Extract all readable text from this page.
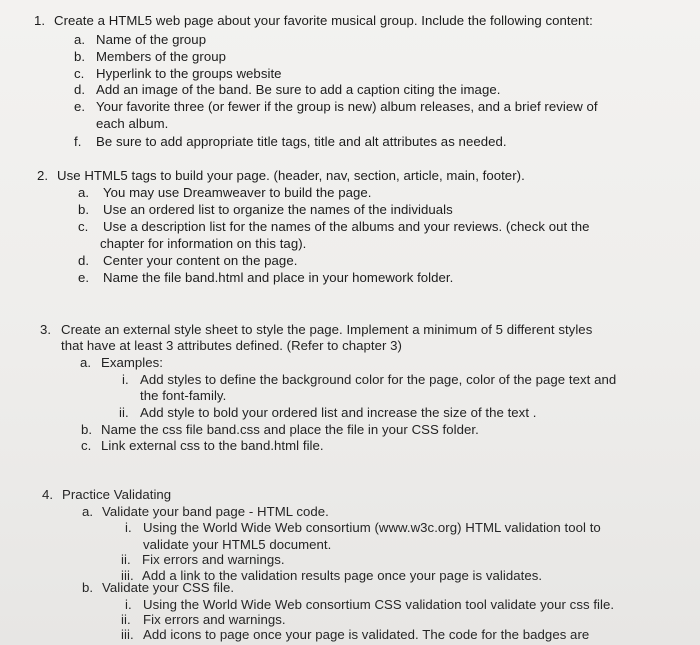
1. Create a HTML5 web page about your favorite musical group. Include the following content:
a. Name of the group
b. Members of the group
c. Hyperlink to the groups website
d. Add an image of the band. Be sure to add a caption citing the image.
e. Your favorite three (or fewer if the group is new) album releases, and a brief review of
each album.
f. Be sure to add appropriate title tags, title and alt attributes as needed.
2. Use HTML5 tags to build your page. (header, nav, section, article, main, footer).
a. You may use Dreamweaver to build the page.
b. Use an ordered list to organize the names of the individuals
c. Use a description list for the names of the albums and your reviews. (check out the
chapter for information on this tag).
d. Center your content on the page.
e. Name the file band.html and place in your homework folder.
3. Create an external style sheet to style the page. Implement a minimum of 5 different styles
that have at least 3 attributes defined. (Refer to chapter 3)
a. Examples:
i. Add styles to define the background color for the page, color of the page text and
the font-family.
ii. Add style to bold your ordered list and increase the size of the text .
b. Name the css file band.css and place the file in your CSS folder.
c. Link external css to the band.html file.
4. Practice Validating
a. Validate your band page - HTML code.
i. Using the World Wide Web consortium (www.w3c.org) HTML validation tool to
validate your HTML5 document.
ii. Fix errors and warnings.
iii. Add a link to the validation results page once your page is validates.
b. Validate your CSS file.
i. Using the World Wide Web consortium CSS validation tool validate your css file.
ii. Fix errors and warnings.
iii. Add icons to page once your page is validated. The code for the badges are
